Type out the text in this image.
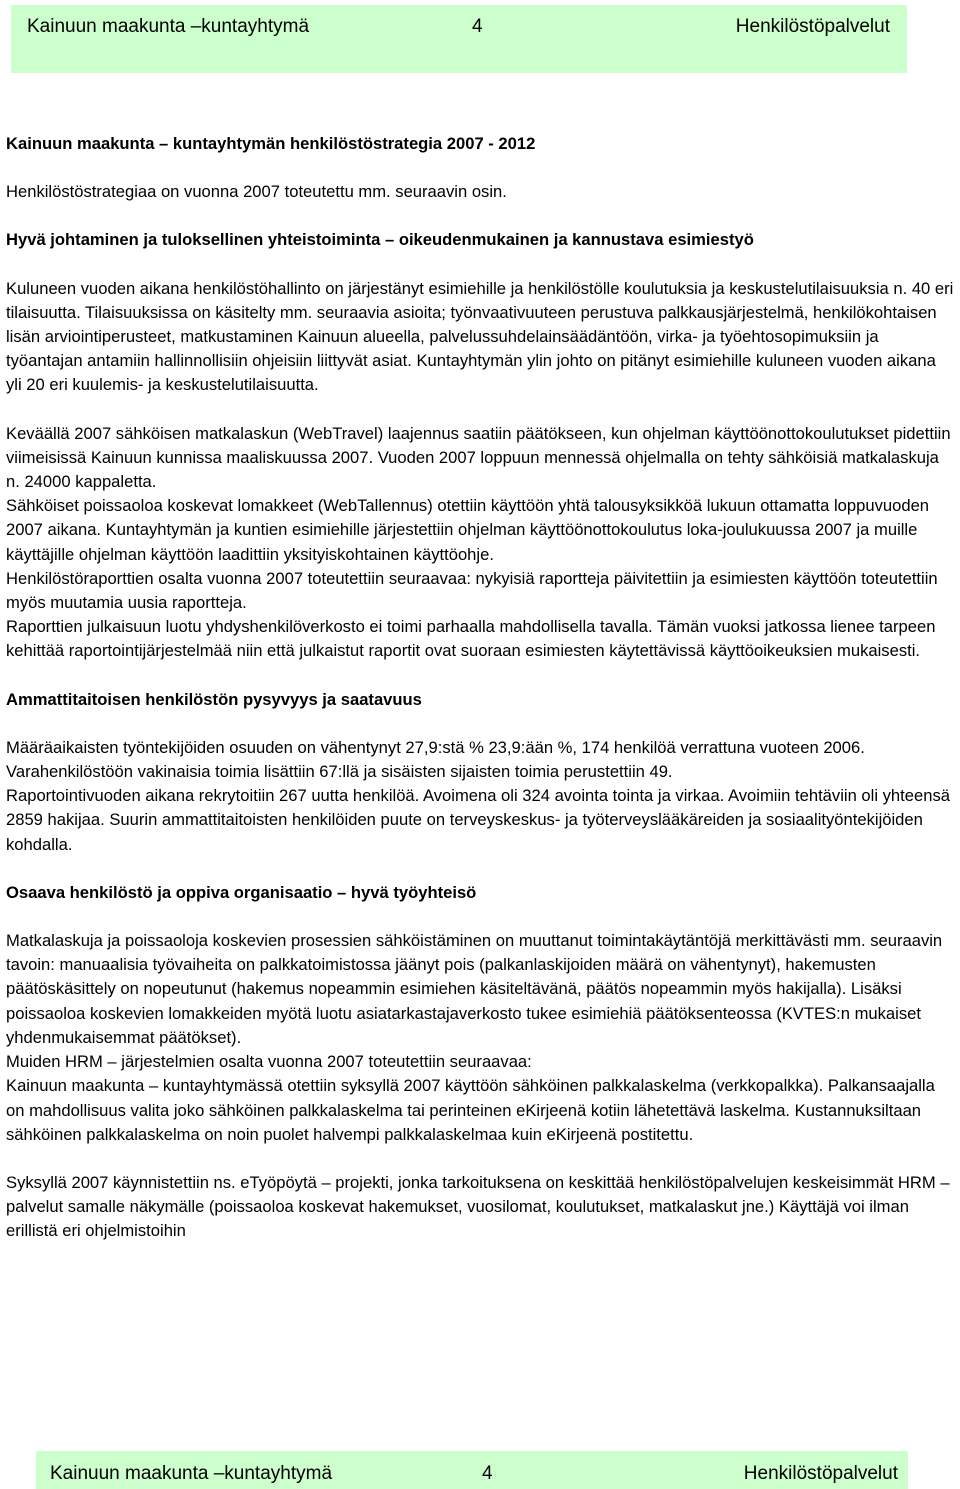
Kainuun maakunta –kuntayhtymä	4	Henkilöstöpalvelut

Kainuun maakunta – kuntayhtymän henkilöstöstrategia 2007 - 2012

Henkilöstöstrategiaa on vuonna 2007 toteutettu mm. seuraavin osin.

Hyvä johtaminen ja tuloksellinen yhteistoiminta – oikeudenmukainen ja kannustava esimiestyö

Kuluneen vuoden aikana henkilöstöhallinto on järjestänyt esimiehille ja henkilöstölle koulutuksia ja keskustelutilaisuuksia n. 40 eri tilaisuutta. Tilaisuuksissa on käsitelty mm. seuraavia asioita; työnvaativuuteen perustuva palkkausjärjestelmä, henkilökohtaisen lisän arviointiperusteet, matkustaminen Kainuun alueella, palvelussuhdelainsäädäntöön, virka- ja työehtosopimuksiin ja työantajan antamiin hallinnollisiin ohjeisiin liittyvät asiat. Kuntayhtymän ylin johto on pitänyt esimiehille kuluneen vuoden aikana yli 20 eri kuulemis- ja keskustelutilaisuutta.

Keväällä 2007 sähköisen matkalaskun (WebTravel) laajennus saatiin päätökseen, kun ohjelman käyttöönottokoulutukset pidettiin viimeisissä Kainuun kunnissa maaliskuussa 2007. Vuoden 2007 loppuun mennessä ohjelmalla on tehty sähköisiä matkalaskuja n. 24000 kappaletta.

Sähköiset poissaoloa koskevat lomakkeet (WebTallennus) otettiin käyttöön yhtä talousyksikköä lukuun ottamatta loppuvuoden 2007 aikana. Kuntayhtymän ja kuntien esimiehille järjestettiin ohjelman käyttöönottokoulutus loka-joulukuussa 2007 ja muille käyttäjille ohjelman käyttöön laadittiin yksityiskohtainen käyttöohje.

Henkilöstöraporttien osalta vuonna 2007 toteutettiin seuraavaa: nykyisiä raportteja päivitettiin ja esimiesten käyttöön toteutettiin myös muutamia uusia raportteja.

Raporttien julkaisuun luotu yhdyshenkilöverkosto ei toimi parhaalla mahdollisella tavalla. Tämän vuoksi jatkossa lienee tarpeen kehittää raportointijärjestelmää niin että julkaistut raportit ovat suoraan esimiesten käytettävissä käyttöoikeuksien mukaisesti.

Ammattitaitoisen henkilöstön pysyvyys ja saatavuus

Määräaikaisten työntekijöiden osuuden on vähentynyt 27,9:stä % 23,9:ään %, 174 henkilöä verrattuna vuoteen 2006. Varahenkilöstöön vakinaisia toimia lisättiin 67:llä ja sisäisten sijaisten toimia perustettiin 49.

Raportointivuoden aikana rekrytoitiin 267 uutta henkilöä. Avoimena oli 324 avointa tointa ja virkaa. Avoimiin tehtäviin oli yhteensä 2859 hakijaa. Suurin ammattitaitoisten henkilöiden puute on terveyskeskus- ja työterveyslääkäreiden ja sosiaalityöntekijöiden kohdalla.

Osaava henkilöstö ja oppiva organisaatio – hyvä työyhteisö

Matkalaskuja ja poissaoloja koskevien prosessien sähköistäminen on muuttanut toimintakäytäntöjä merkittävästi mm. seuraavin tavoin: manuaalisia työvaiheita on palkkatoimistossa jäänyt pois (palkanlaskijoiden määrä on vähentynyt), hakemusten päätöskäsittely on nopeutunut (hakemus nopeammin esimiehen käsiteltävänä, päätös nopeammin myös hakijalla). Lisäksi poissaoloa koskevien lomakkeiden myötä luotu asiatarkastajaverkosto tukee esimiehiä päätöksenteossa (KVTES:n mukaiset yhdenmukaisemmat päätökset).

Muiden HRM – järjestelmien osalta vuonna 2007 toteutettiin seuraavaa:

Kainuun maakunta – kuntayhtymässä otettiin syksyllä 2007 käyttöön sähköinen palkkalaskelma (verkkopalkka). Palkansaajalla on mahdollisuus valita joko sähköinen palkkalaskelma tai perinteinen eKirjeenä kotiin lähetettävä laskelma. Kustannuksiltaan sähköinen palkkalaskelma on noin puolet halvempi palkkalaskelmaa kuin eKirjeenä postitettu.

Syksyllä 2007 käynnistettiin ns. eTyöpöytä – projekti, jonka tarkoituksena on keskittää henkilöstöpalvelujen keskeisimmät HRM – palvelut samalle näkymälle (poissaoloa koskevat hakemukset, vuosilomat, koulutukset, matkalaskut jne.) Käyttäjä voi ilman erillistä eri ohjelmistoihin

Kainuun maakunta –kuntayhtymä	4	Henkilöstöpalvelut
